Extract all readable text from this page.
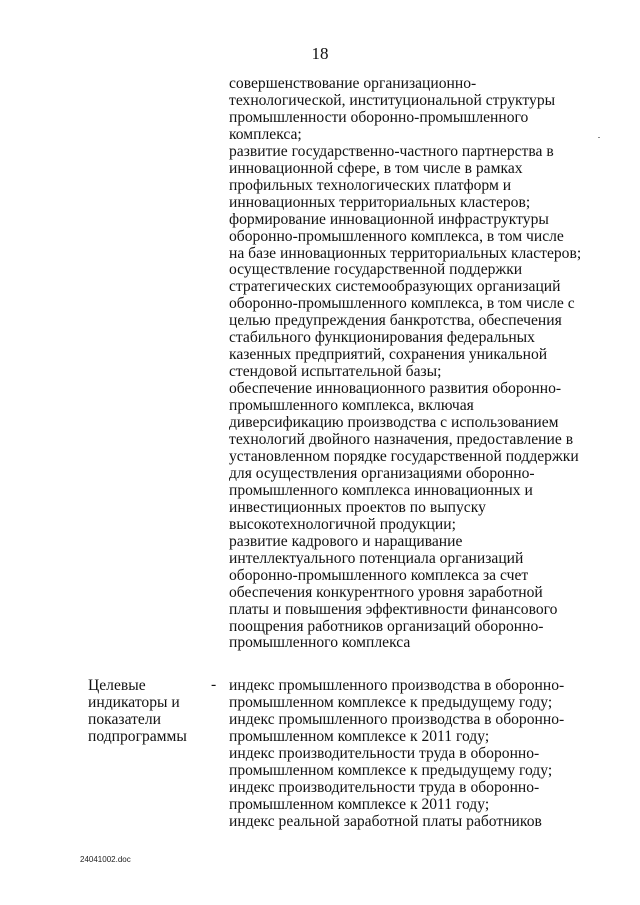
18

совершенствование организационно-

технологической, институциональной структуры

промышленности оборонно-промышленного

комплекса;

развитие государственно-частного партнерства в

инновационной сфере, в том числе в рамках

профильных технологических платформ и

инновационных территориальных кластеров;

формирование инновационной инфраструктуры

оборонно-промышленного комплекса, в том числе

на базе инновационных территориальных кластеров;

осуществление государственной поддержки

стратегических системообразующих организаций

оборонно-промышленного комплекса, в том числе с

целью предупреждения банкротства, обеспечения

стабильного функционирования федеральных

казенных предприятий, сохранения уникальной

стендовой испытательной базы;

обеспечение инновационного развития оборонно-

промышленного комплекса, включая

диверсификацию производства с использованием

технологий двойного назначения, предоставление в

установленном порядке государственной поддержки

для осуществления организациями оборонно-

промышленного комплекса инновационных и

инвестиционных проектов по выпуску

высокотехнологичной продукции;

развитие кадрового и наращивание

интеллектуального потенциала организаций

оборонно-промышленного комплекса за счет

обеспечения конкурентного уровня заработной

платы и повышения эффективности финансового

поощрения работников организаций оборонно-

промышленного комплекса

Целевые

индикаторы и

показатели

подпрограммы

- индекс промышленного производства в оборонно-

промышленном комплексе к предыдущему году;

индекс промышленного производства в оборонно-

промышленном комплексе к 2011 году;

индекс производительности труда в оборонно-

промышленном комплексе к предыдущему году;

индекс производительности труда в оборонно-

промышленном комплексе к 2011 году;

индекс реальной заработной платы работников

24041002.doc
